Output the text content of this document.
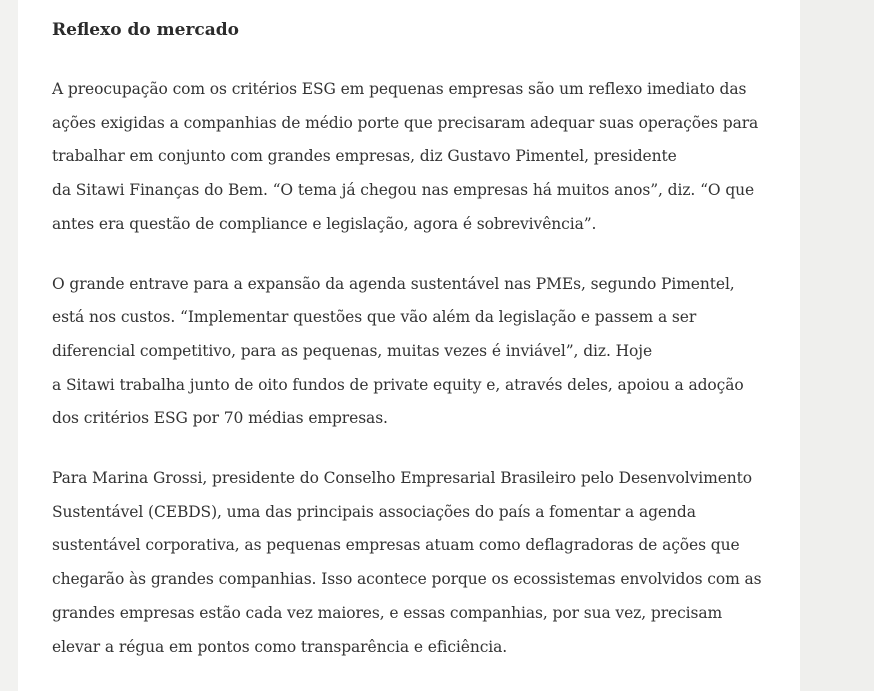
Reflexo do mercado

A preocupação com os critérios ESG em pequenas empresas são um reflexo imediato das
ações exigidas a companhias de médio porte que precisaram adequar suas operações para
trabalhar em conjunto com grandes empresas, diz Gustavo Pimentel, presidente
da Sitawi Finanças do Bem. “O tema já chegou nas empresas há muitos anos”, diz. “O que
antes era questão de compliance e legislação, agora é sobrevivência”.

O grande entrave para a expansão da agenda sustentável nas PMEs, segundo Pimentel,
está nos custos. “Implementar questões que vão além da legislação e passem a ser
diferencial competitivo, para as pequenas, muitas vezes é inviável”, diz. Hoje
a Sitawi trabalha junto de oito fundos de private equity e, através deles, apoiou a adoção
dos critérios ESG por 70 médias empresas.

Para Marina Grossi, presidente do Conselho Empresarial Brasileiro pelo Desenvolvimento
Sustentável (CEBDS), uma das principais associações do país a fomentar a agenda
sustentável corporativa, as pequenas empresas atuam como deflagradoras de ações que
chegarão às grandes companhias. Isso acontece porque os ecossistemas envolvidos com as
grandes empresas estão cada vez maiores, e essas companhias, por sua vez, precisam
elevar a régua em pontos como transparência e eficiência.
